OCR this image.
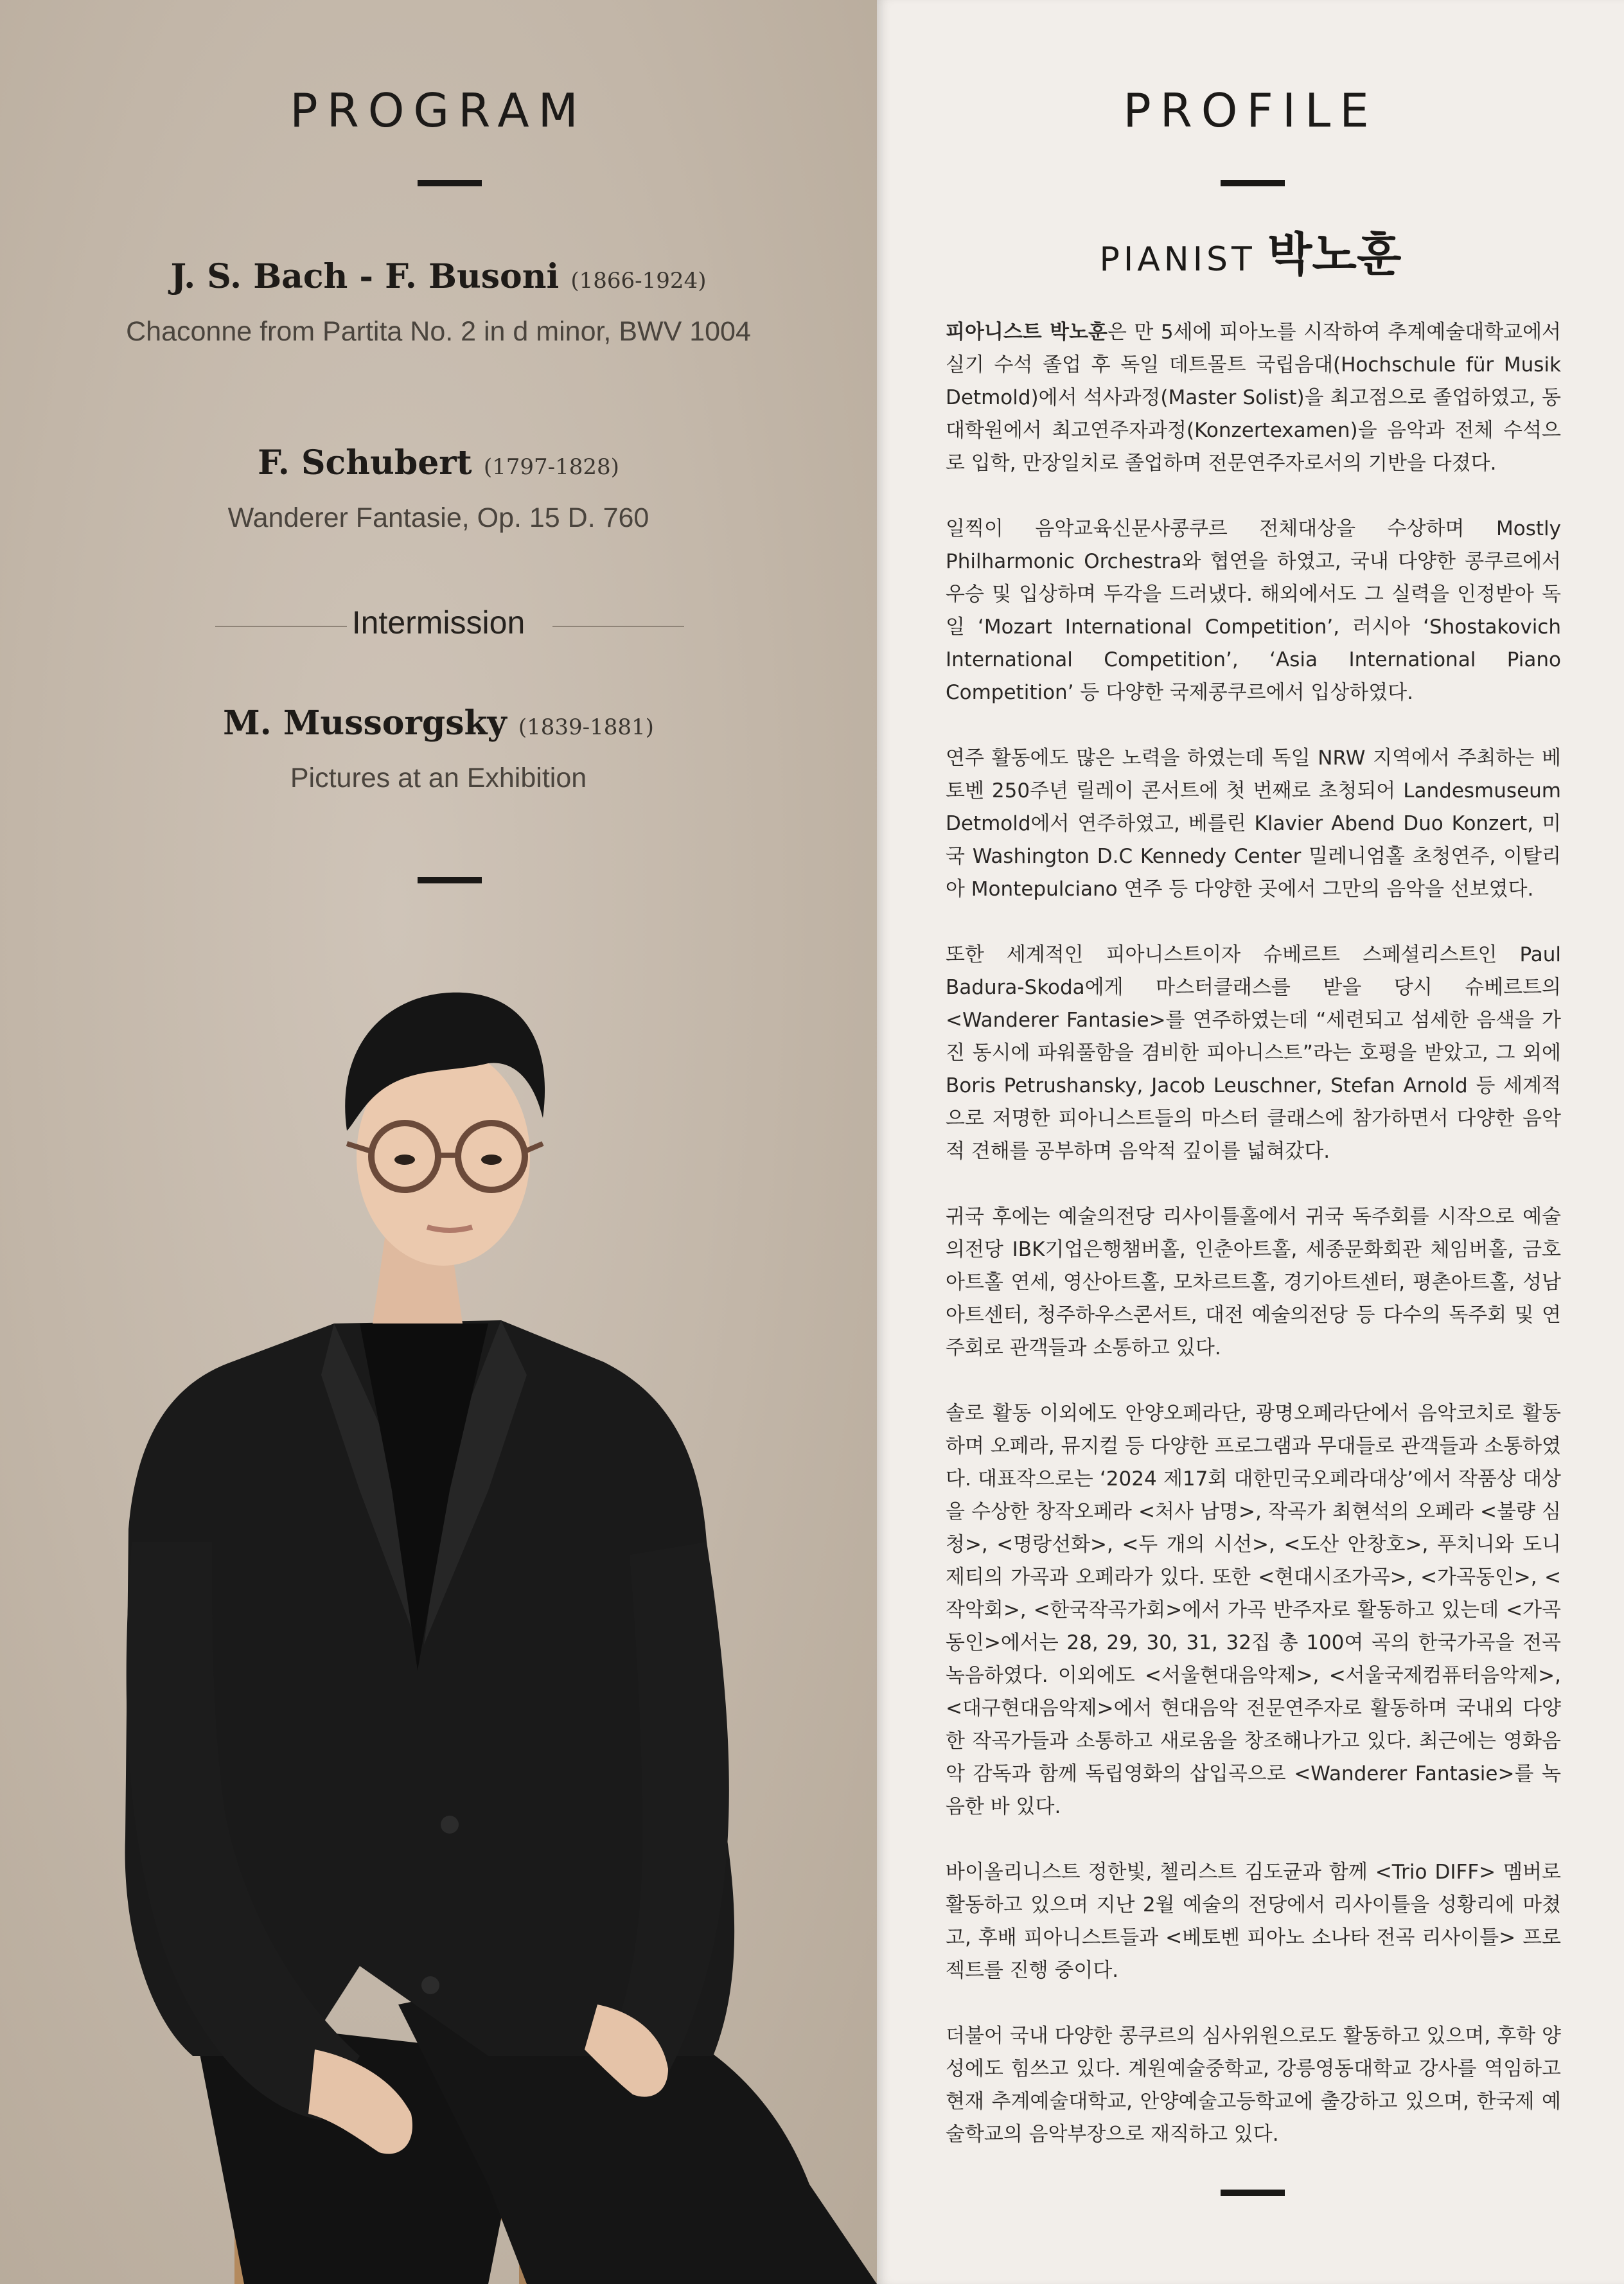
PROGRAM
J. S. Bach - F. Busoni (1866-1924)
Chaconne from Partita No. 2 in d minor, BWV 1004
F. Schubert (1797-1828)
Wanderer Fantasie, Op. 15 D. 760
Intermission
M. Mussorgsky (1839-1881)
Pictures at an Exhibition
PROFILE
PIANIST 박노훈

피아니스트 박노훈은 만 5세에 피아노를 시작하여 추계예술대학교에서 실기 수석 졸업 후 독일 데트몰트 국립음대(Hochschule für Musik Detmold)에서 석사과정(Master Solist)을 최고점으로 졸업하였고, 동대학원에서 최고연주자과정(Konzertexamen)을 음악과 전체 수석으로 입학, 만장일치로 졸업하며 전문연주자로서의 기반을 다졌다.

일찍이 음악교육신문사콩쿠르 전체대상을 수상하며 Mostly Philharmonic Orchestra와 협연을 하였고, 국내 다양한 콩쿠르에서 우승 및 입상하며 두각을 드러냈다. 해외에서도 그 실력을 인정받아 독일 ‘Mozart International Competition’, 러시아 ‘Shostakovich International Competition’, ‘Asia International Piano Competition’ 등 다양한 국제콩쿠르에서 입상하였다.

연주 활동에도 많은 노력을 하였는데 독일 NRW 지역에서 주최하는 베토벤 250주년 릴레이 콘서트에 첫 번째로 초청되어 Landesmuseum Detmold에서 연주하였고, 베를린 Klavier Abend Duo Konzert, 미국 Washington D.C Kennedy Center 밀레니엄홀 초청연주, 이탈리아 Montepulciano 연주 등 다양한 곳에서 그만의 음악을 선보였다.

또한 세계적인 피아니스트이자 슈베르트 스페셜리스트인 Paul Badura-Skoda에게 마스터클래스를 받을 당시 슈베르트의 <Wanderer Fantasie>를 연주하였는데 “세련되고 섬세한 음색을 가진 동시에 파워풀함을 겸비한 피아니스트”라는 호평을 받았고, 그 외에 Boris Petrushansky, Jacob Leuschner, Stefan Arnold 등 세계적으로 저명한 피아니스트들의 마스터 클래스에 참가하면서 다양한 음악적 견해를 공부하며 음악적 깊이를 넓혀갔다.

귀국 후에는 예술의전당 리사이틀홀에서 귀국 독주회를 시작으로 예술의전당 IBK기업은행챔버홀, 인춘아트홀, 세종문화회관 체임버홀, 금호아트홀 연세, 영산아트홀, 모차르트홀, 경기아트센터, 평촌아트홀, 성남아트센터, 청주하우스콘서트, 대전 예술의전당 등 다수의 독주회 및 연주회로 관객들과 소통하고 있다.

솔로 활동 이외에도 안양오페라단, 광명오페라단에서 음악코치로 활동하며 오페라, 뮤지컬 등 다양한 프로그램과 무대들로 관객들과 소통하였다. 대표작으로는 ‘2024 제17회 대한민국오페라대상’에서 작품상 대상을 수상한 창작오페라 <처사 남명>, 작곡가 최현석의 오페라 <불량 심청>, <명랑선화>, <두 개의 시선>, <도산 안창호>, 푸치니와 도니제티의 가곡과 오페라가 있다. 또한 <현대시조가곡>, <가곡동인>, <작악회>, <한국작곡가회>에서 가곡 반주자로 활동하고 있는데 <가곡동인>에서는 28, 29, 30, 31, 32집 총 100여 곡의 한국가곡을 전곡 녹음하였다. 이외에도 <서울현대음악제>, <서울국제컴퓨터음악제>, <대구현대음악제>에서 현대음악 전문연주자로 활동하며 국내외 다양한 작곡가들과 소통하고 새로움을 창조해나가고 있다. 최근에는 영화음악 감독과 함께 독립영화의 삽입곡으로 <Wanderer Fantasie>를 녹음한 바 있다.

바이올리니스트 정한빛, 첼리스트 김도균과 함께 <Trio DIFF> 멤버로 활동하고 있으며 지난 2월 예술의 전당에서 리사이틀을 성황리에 마쳤고, 후배 피아니스트들과 <베토벤 피아노 소나타 전곡 리사이틀> 프로젝트를 진행 중이다.

더불어 국내 다양한 콩쿠르의 심사위원으로도 활동하고 있으며, 후학 양성에도 힘쓰고 있다. 계원예술중학교, 강릉영동대학교 강사를 역임하고 현재 추계예술대학교, 안양예술고등학교에 출강하고 있으며, 한국제 예술학교의 음악부장으로 재직하고 있다.
